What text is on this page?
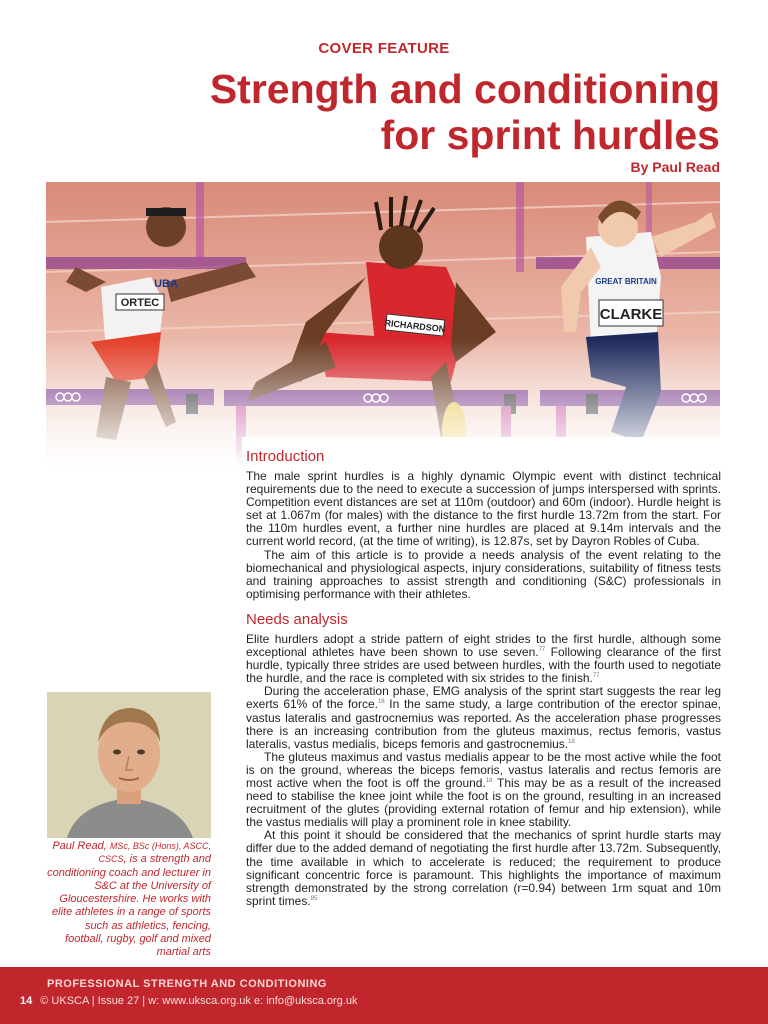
COVER FEATURE
Strength and conditioning
for sprint hurdles
By Paul Read
Introduction

The male sprint hurdles is a highly dynamic Olympic event with distinct technical requirements due to the need to execute a succession of jumps interspersed with sprints. Competition event distances are set at 110m (outdoor) and 60m (indoor). Hurdle height is set at 1.067m (for males) with the distance to the first hurdle 13.72m from the start. For the 110m hurdles event, a further nine hurdles are placed at 9.14m intervals and the current world record, (at the time of writing), is 12.87s, set by Dayron Robles of Cuba.

The aim of this article is to provide a needs analysis of the event relating to the biomechanical and physiological aspects, injury considerations, suitability of fitness tests and training approaches to assist strength and conditioning (S&C) professionals in optimising performance with their athletes.

Needs analysis

Elite hurdlers adopt a stride pattern of eight strides to the first hurdle, although some exceptional athletes have been shown to use seven.$^{77}$ Following clearance of the first hurdle, typically three strides are used between hurdles, with the fourth used to negotiate the hurdle, and the race is completed with six strides to the finish.$^{77}$

During the acceleration phase, EMG analysis of the sprint start suggests the rear leg exerts 61% of the force.$^{18}$ In the same study, a large contribution of the erector spinae, vastus lateralis and gastrocnemius was reported. As the acceleration phase progresses there is an increasing contribution from the gluteus maximus, rectus femoris, vastus lateralis, vastus medialis, biceps femoris and gastrocnemius.$^{18}$

The gluteus maximus and vastus medialis appear to be the most active while the foot is on the ground, whereas the biceps femoris, vastus lateralis and rectus femoris are most active when the foot is off the ground.$^{18}$ This may be as a result of the increased need to stabilise the knee joint while the foot is on the ground, resulting in an increased recruitment of the glutes (providing external rotation of femur and hip extension), while the vastus medialis will play a prominent role in knee stability.

At this point it should be considered that the mechanics of sprint hurdle starts may differ due to the added demand of negotiating the first hurdle after 13.72m. Subsequently, the time available in which to accelerate is reduced; the requirement to produce significant concentric force is paramount. This highlights the importance of maximum strength demonstrated by the strong correlation (r=0.94) between 1rm squat and 10m sprint times.$^{85}$

Paul Read, MSc, BSc (Hons), ASCC, CSCS, is a strength and conditioning coach and lecturer in S&C at the University of Gloucestershire. He works with elite athletes in a range of sports such as athletics, fencing, football, rugby, golf and mixed martial arts
PROFESSIONAL STRENGTH AND CONDITIONING
14 © UKSCA | Issue 27 | w: www.uksca.org.uk e: info@uksca.org.uk
